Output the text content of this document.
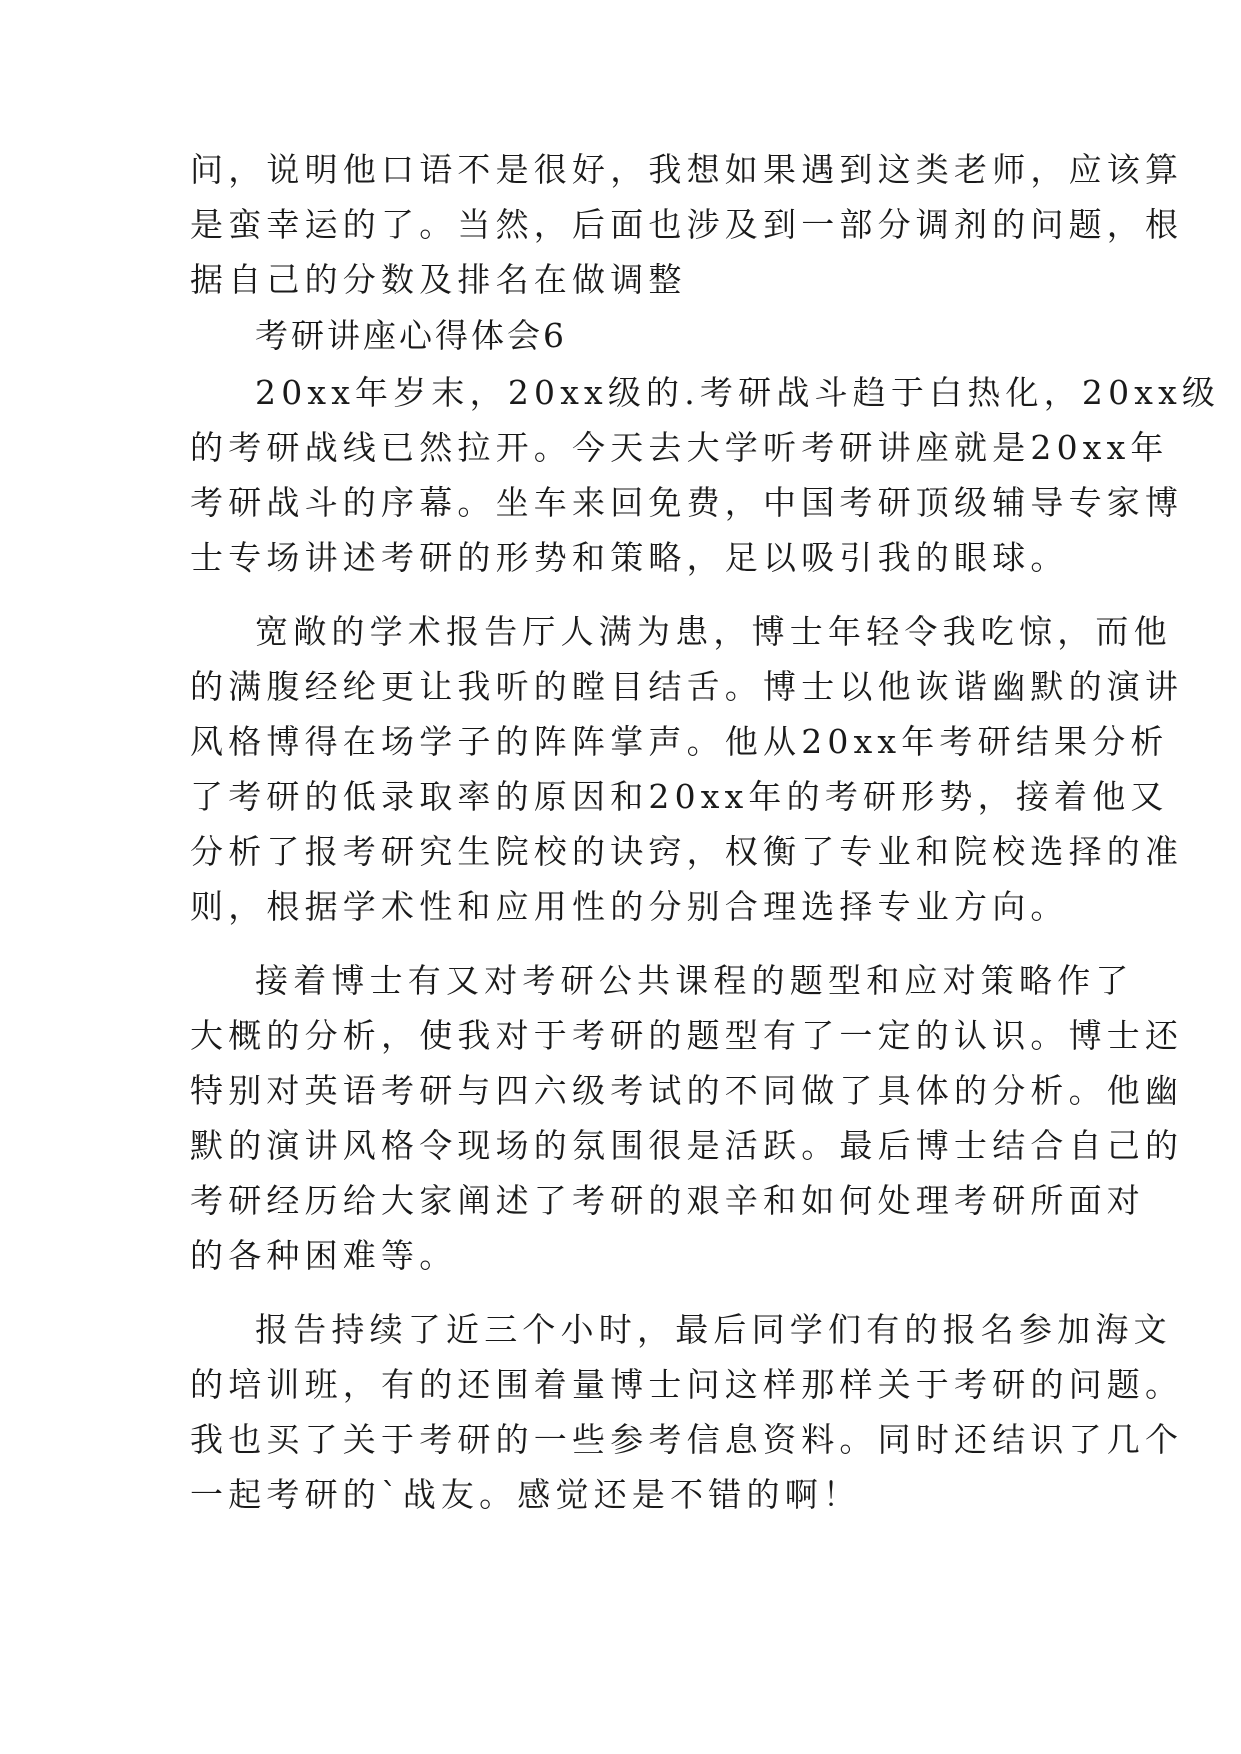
问，说明他口语不是很好，我想如果遇到这类老师，应该算
是蛮幸运的了。当然，后面也涉及到一部分调剂的问题，根
据自己的分数及排名在做调整
考研讲座心得体会6
20xx年岁末，20xx级的.考研战斗趋于白热化，20xx级
的考研战线已然拉开。今天去大学听考研讲座就是20xx年
考研战斗的序幕。坐车来回免费，中国考研顶级辅导专家博
士专场讲述考研的形势和策略，足以吸引我的眼球。
宽敞的学术报告厅人满为患，博士年轻令我吃惊，而他
的满腹经纶更让我听的瞠目结舌。博士以他诙谐幽默的演讲
风格博得在场学子的阵阵掌声。他从20xx年考研结果分析
了考研的低录取率的原因和20xx年的考研形势，接着他又
分析了报考研究生院校的诀窍，权衡了专业和院校选择的准
则，根据学术性和应用性的分别合理选择专业方向。
接着博士有又对考研公共课程的题型和应对策略作了
大概的分析，使我对于考研的题型有了一定的认识。博士还
特别对英语考研与四六级考试的不同做了具体的分析。他幽
默的演讲风格令现场的氛围很是活跃。最后博士结合自己的
考研经历给大家阐述了考研的艰辛和如何处理考研所面对
的各种困难等。
报告持续了近三个小时，最后同学们有的报名参加海文
的培训班，有的还围着量博士问这样那样关于考研的问题。
我也买了关于考研的一些参考信息资料。同时还结识了几个
一起考研的`战友。感觉还是不错的啊！
